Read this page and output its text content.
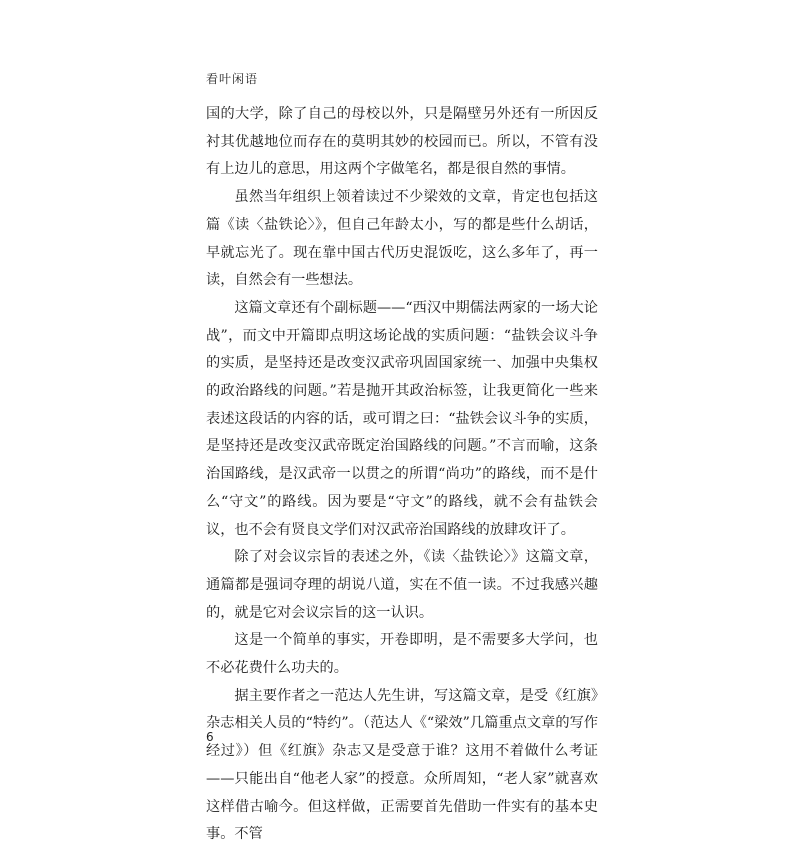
看叶闲语

国的大学，除了自己的母校以外，只是隔壁另外还有一所因反衬其优越地位而存在的莫明其妙的校园而已。所以，不管有没有上边儿的意思，用这两个字做笔名，都是很自然的事情。

虽然当年组织上领着读过不少梁效的文章，肯定也包括这篇《读〈盐铁论〉》，但自己年龄太小，写的都是些什么胡话，早就忘光了。现在靠中国古代历史混饭吃，这么多年了，再一读，自然会有一些想法。

这篇文章还有个副标题——“西汉中期儒法两家的一场大论战”，而文中开篇即点明这场论战的实质问题：“盐铁会议斗争的实质，是坚持还是改变汉武帝巩固国家统一、加强中央集权的政治路线的问题。”若是抛开其政治标签，让我更简化一些来表述这段话的内容的话，或可谓之曰：“盐铁会议斗争的实质，是坚持还是改变汉武帝既定治国路线的问题。”不言而喻，这条治国路线，是汉武帝一以贯之的所谓“尚功”的路线，而不是什么“守文”的路线。因为要是“守文”的路线，就不会有盐铁会议，也不会有贤良文学们对汉武帝治国路线的放肆攻讦了。

除了对会议宗旨的表述之外，《读〈盐铁论〉》这篇文章，通篇都是强词夺理的胡说八道，实在不值一读。不过我感兴趣的，就是它对会议宗旨的这一认识。

这是一个简单的事实，开卷即明，是不需要多大学问，也不必花费什么功夫的。

据主要作者之一范达人先生讲，写这篇文章，是受《红旗》杂志相关人员的“特约”。（范达人《“梁效”几篇重点文章的写作经过》）但《红旗》杂志又是受意于谁？这用不着做什么考证——只能出自“他老人家”的授意。众所周知，“老人家”就喜欢这样借古喻今。但这样做，正需要首先借助一件实有的基本史事。不管

6
